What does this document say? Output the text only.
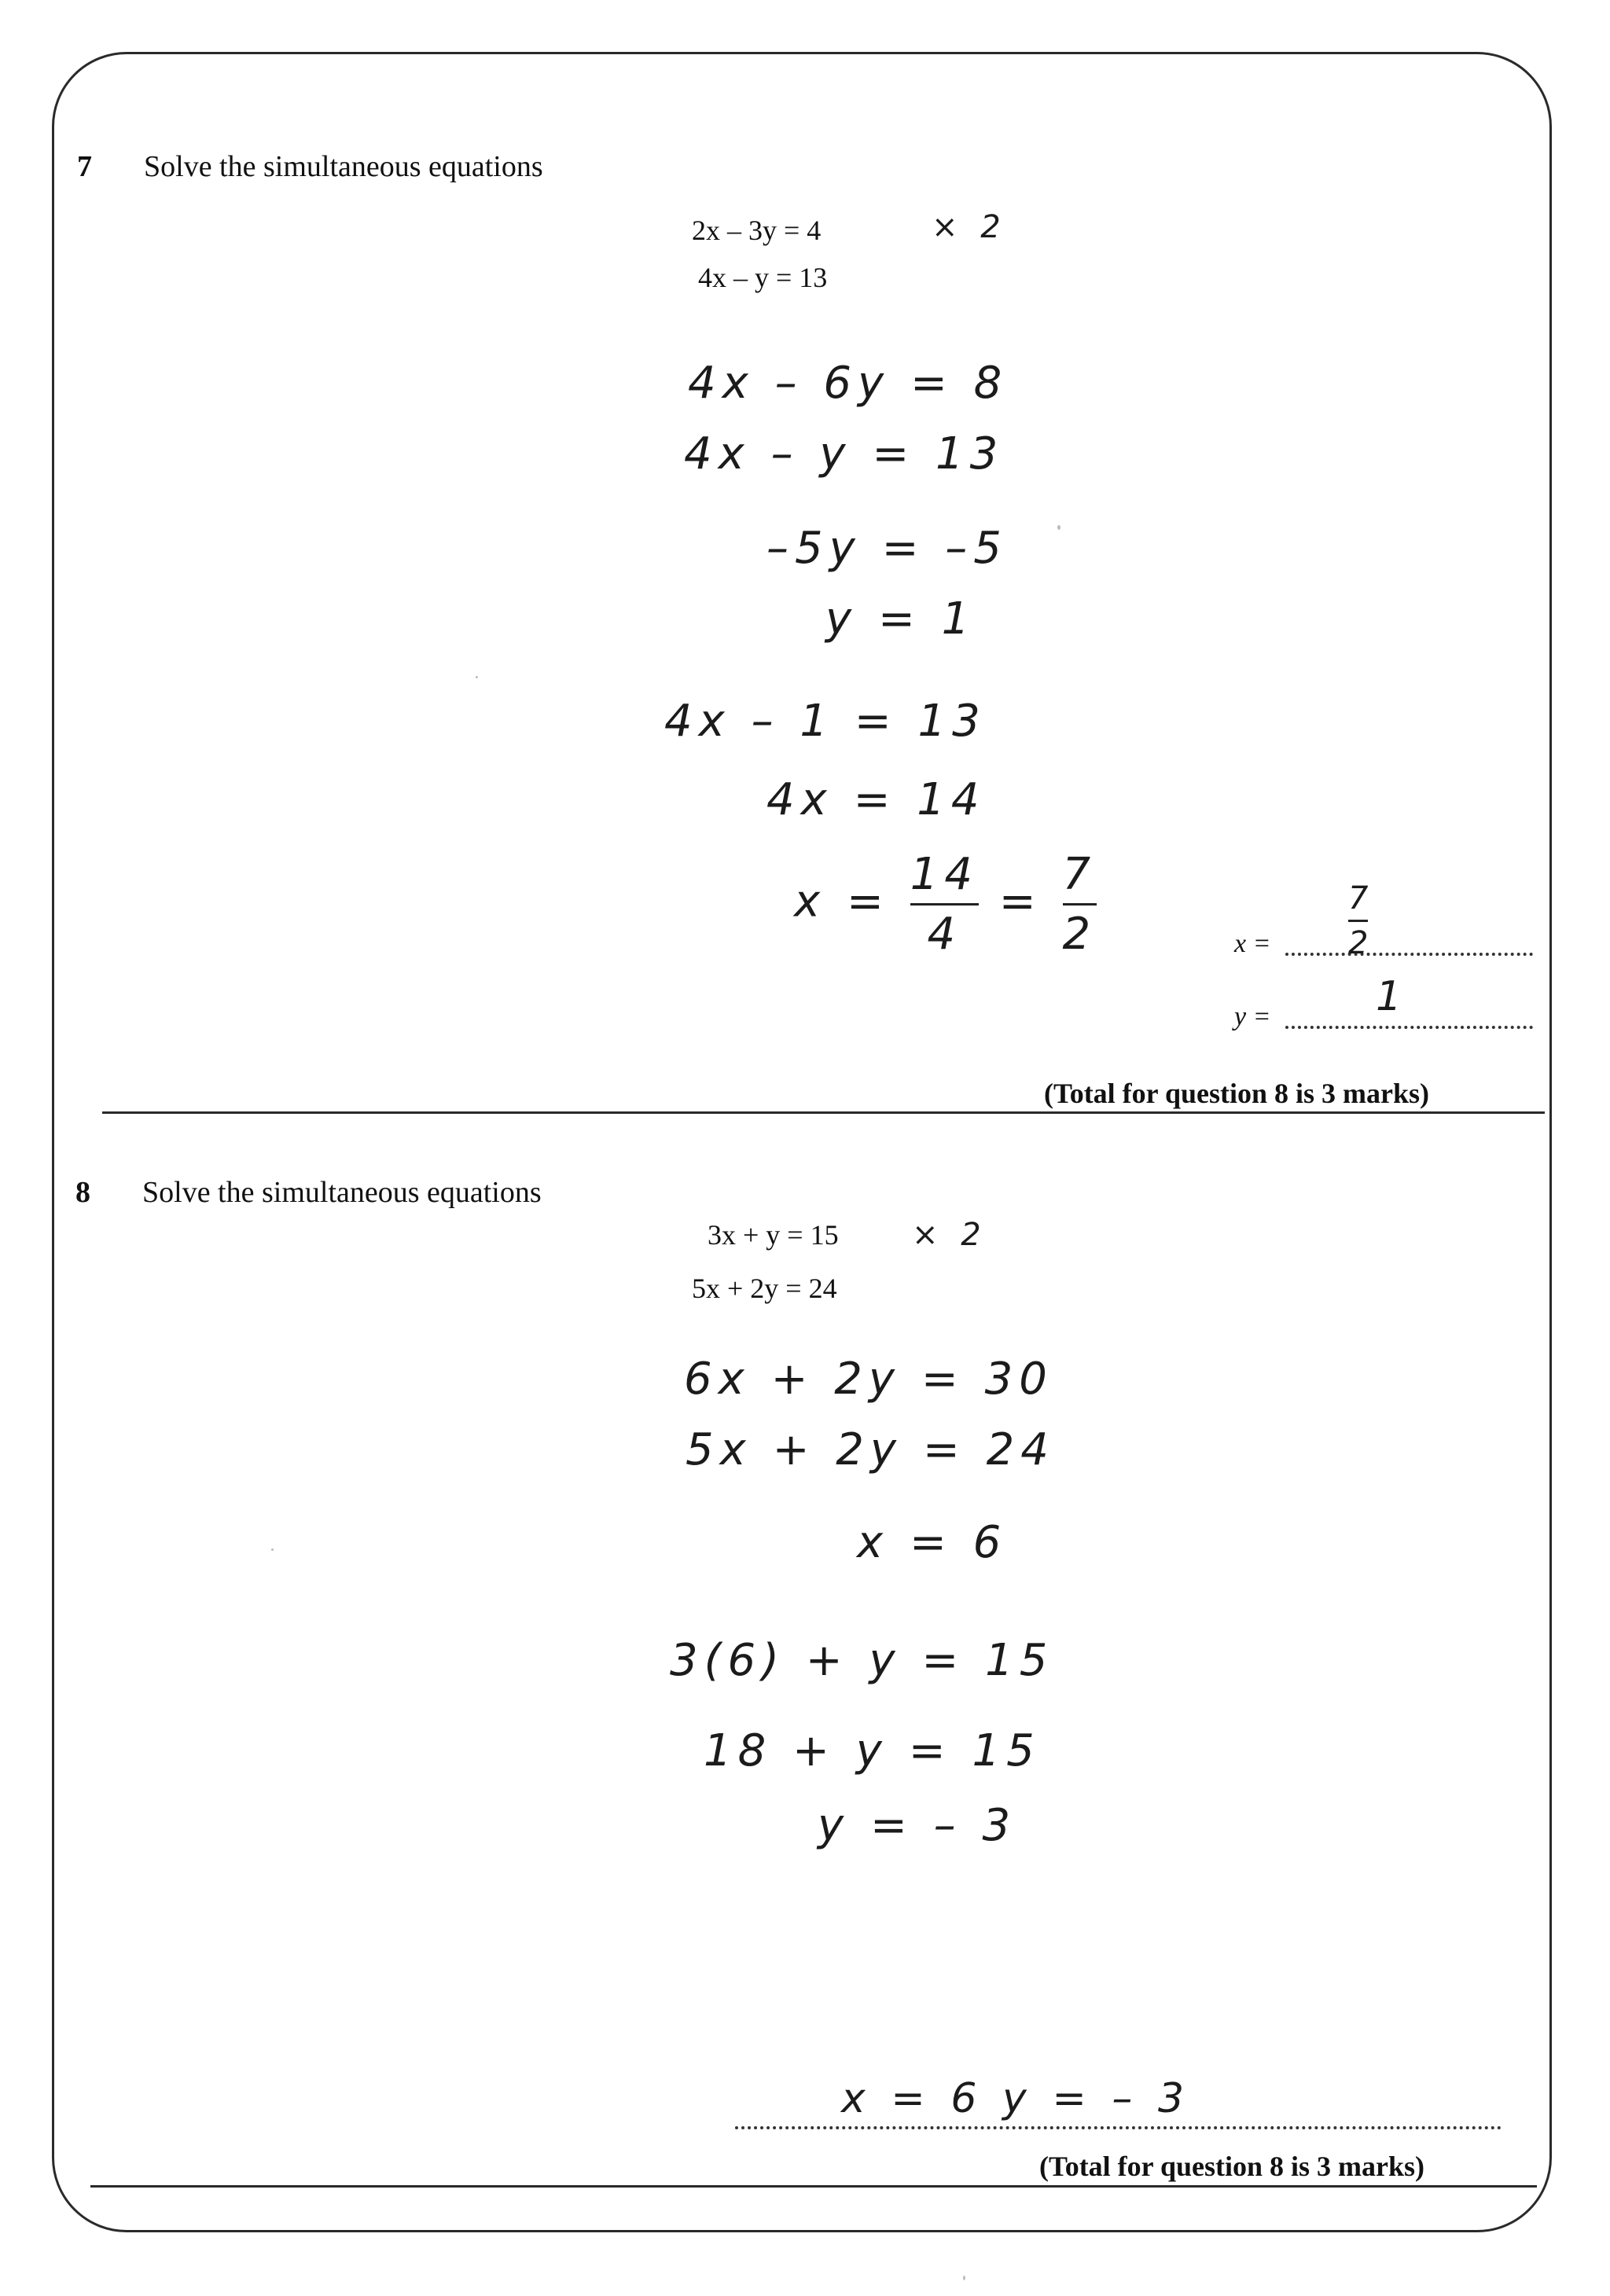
7 Solve the simultaneous equations
2x – 3y = 4
4x – y = 13
× 2
4x – 6y = 8
4x – y = 13
–5y = –5
y = 1
4x – 1 = 13
4x = 14
$x = \frac{14}{4} = \frac{7}{2}$	$x = \frac{7}{2}$
y =	1
(Total for question 8 is 3 marks)
8 Solve the simultaneous equations
3x + y = 15
5x + 2y = 24
× 2
6x + 2y = 30
5x + 2y = 24
x = 6
3(6) + y = 15
18 + y = 15
y = – 3
x = 6 y = – 3
(Total for question 8 is 3 marks)
